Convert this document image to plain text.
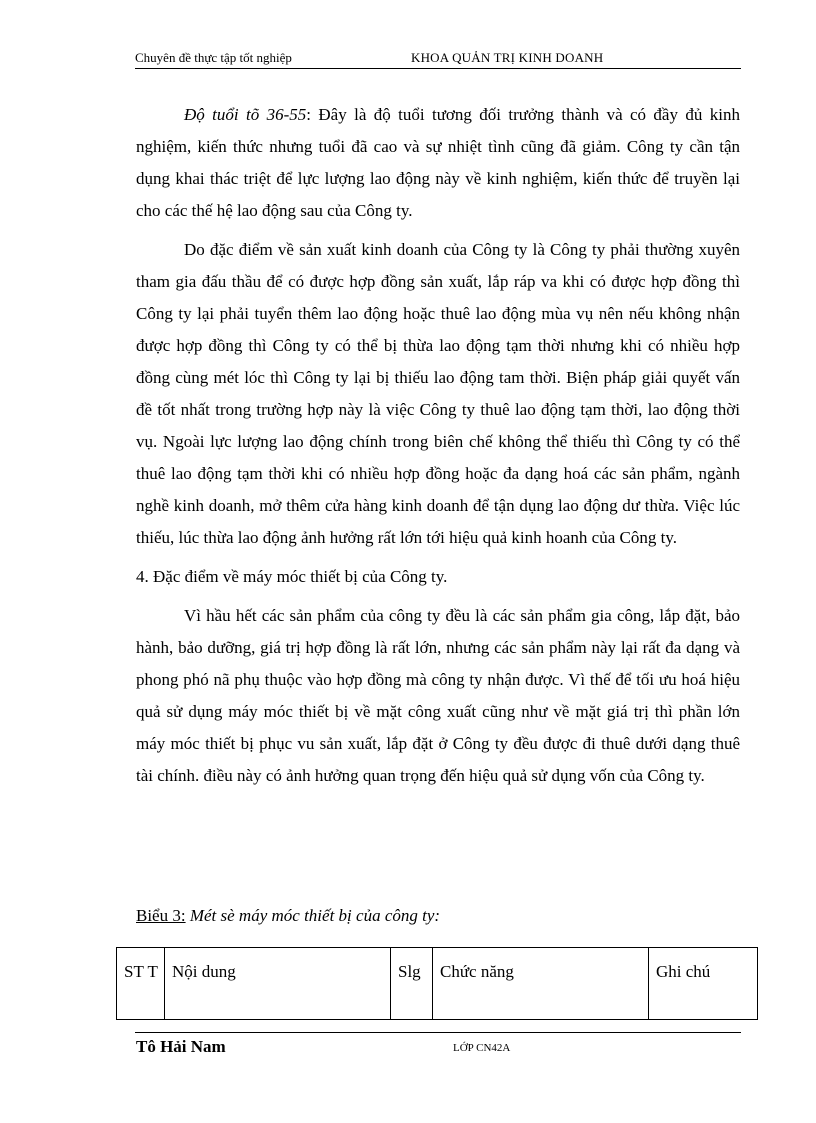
Chuyên đề thực tập tốt nghiệp	KHOA QUẢN TRỊ KINH DOANH

Độ tuổi tõ 36-55: Đây là độ tuổi tương đối trưởng thành và có đầy đủ kinh nghiệm, kiến thức nhưng tuổi đã cao và sự nhiệt tình cũng đã giảm. Công ty cần tận dụng khai thác triệt để lực lượng lao động này về kinh nghiệm, kiến thức để truyền lại cho các thế hệ lao động sau của Công ty.

Do đặc điểm về sản xuất kinh doanh của Công ty là Công ty phải thường xuyên tham gia đấu thầu để có được hợp đồng sản xuất, lắp ráp va khi có được hợp đồng thì Công ty lại phải tuyển thêm lao động hoặc thuê lao động mùa vụ nên nếu không nhận được hợp đồng thì Công ty có thể bị thừa lao động tạm thời nhưng khi có nhiều hợp đồng cùng mét lóc thì Công ty lại bị thiếu lao động tam thời. Biện pháp giải quyết vấn đề tốt nhất trong trường hợp này là việc Công ty thuê lao động tạm thời, lao động thời vụ. Ngoài lực lượng lao động chính trong biên chế không thể thiếu thì Công ty có thể thuê lao động tạm thời khi có nhiều hợp đồng hoặc đa dạng hoá các sản phẩm, ngành nghề kinh doanh, mở thêm cửa hàng kinh doanh để tận dụng lao động dư thừa. Việc lúc thiếu, lúc thừa lao động ảnh hưởng rất lớn tới hiệu quả kinh hoanh của Công ty.

4. Đặc điểm về máy móc thiết bị của Công ty.

Vì hầu hết các sản phẩm của công ty đều là các sản phẩm gia công, lắp đặt, bảo hành, bảo dưỡng, giá trị hợp đồng là rất lớn, nhưng các sản phẩm này lại rất đa dạng và phong phó nã phụ thuộc vào hợp đồng mà công ty nhận được. Vì thế để tối ưu hoá hiệu quả sử dụng máy móc thiết bị về mặt công xuất cũng như về mặt giá trị thì phần lớn máy móc thiết bị phục vu sản xuất, lắp đặt ở Công ty đều được đi thuê dưới dạng thuê tài chính. điều này có ảnh hưởng quan trọng đến hiệu quả sử dụng vốn của Công ty.

Biểu 3: Mét sè máy móc thiết bị của công ty:
ST T	Nội dung	Slg	Chức năng	Ghi chú
Tô Hải Nam	LỚP CN42A
